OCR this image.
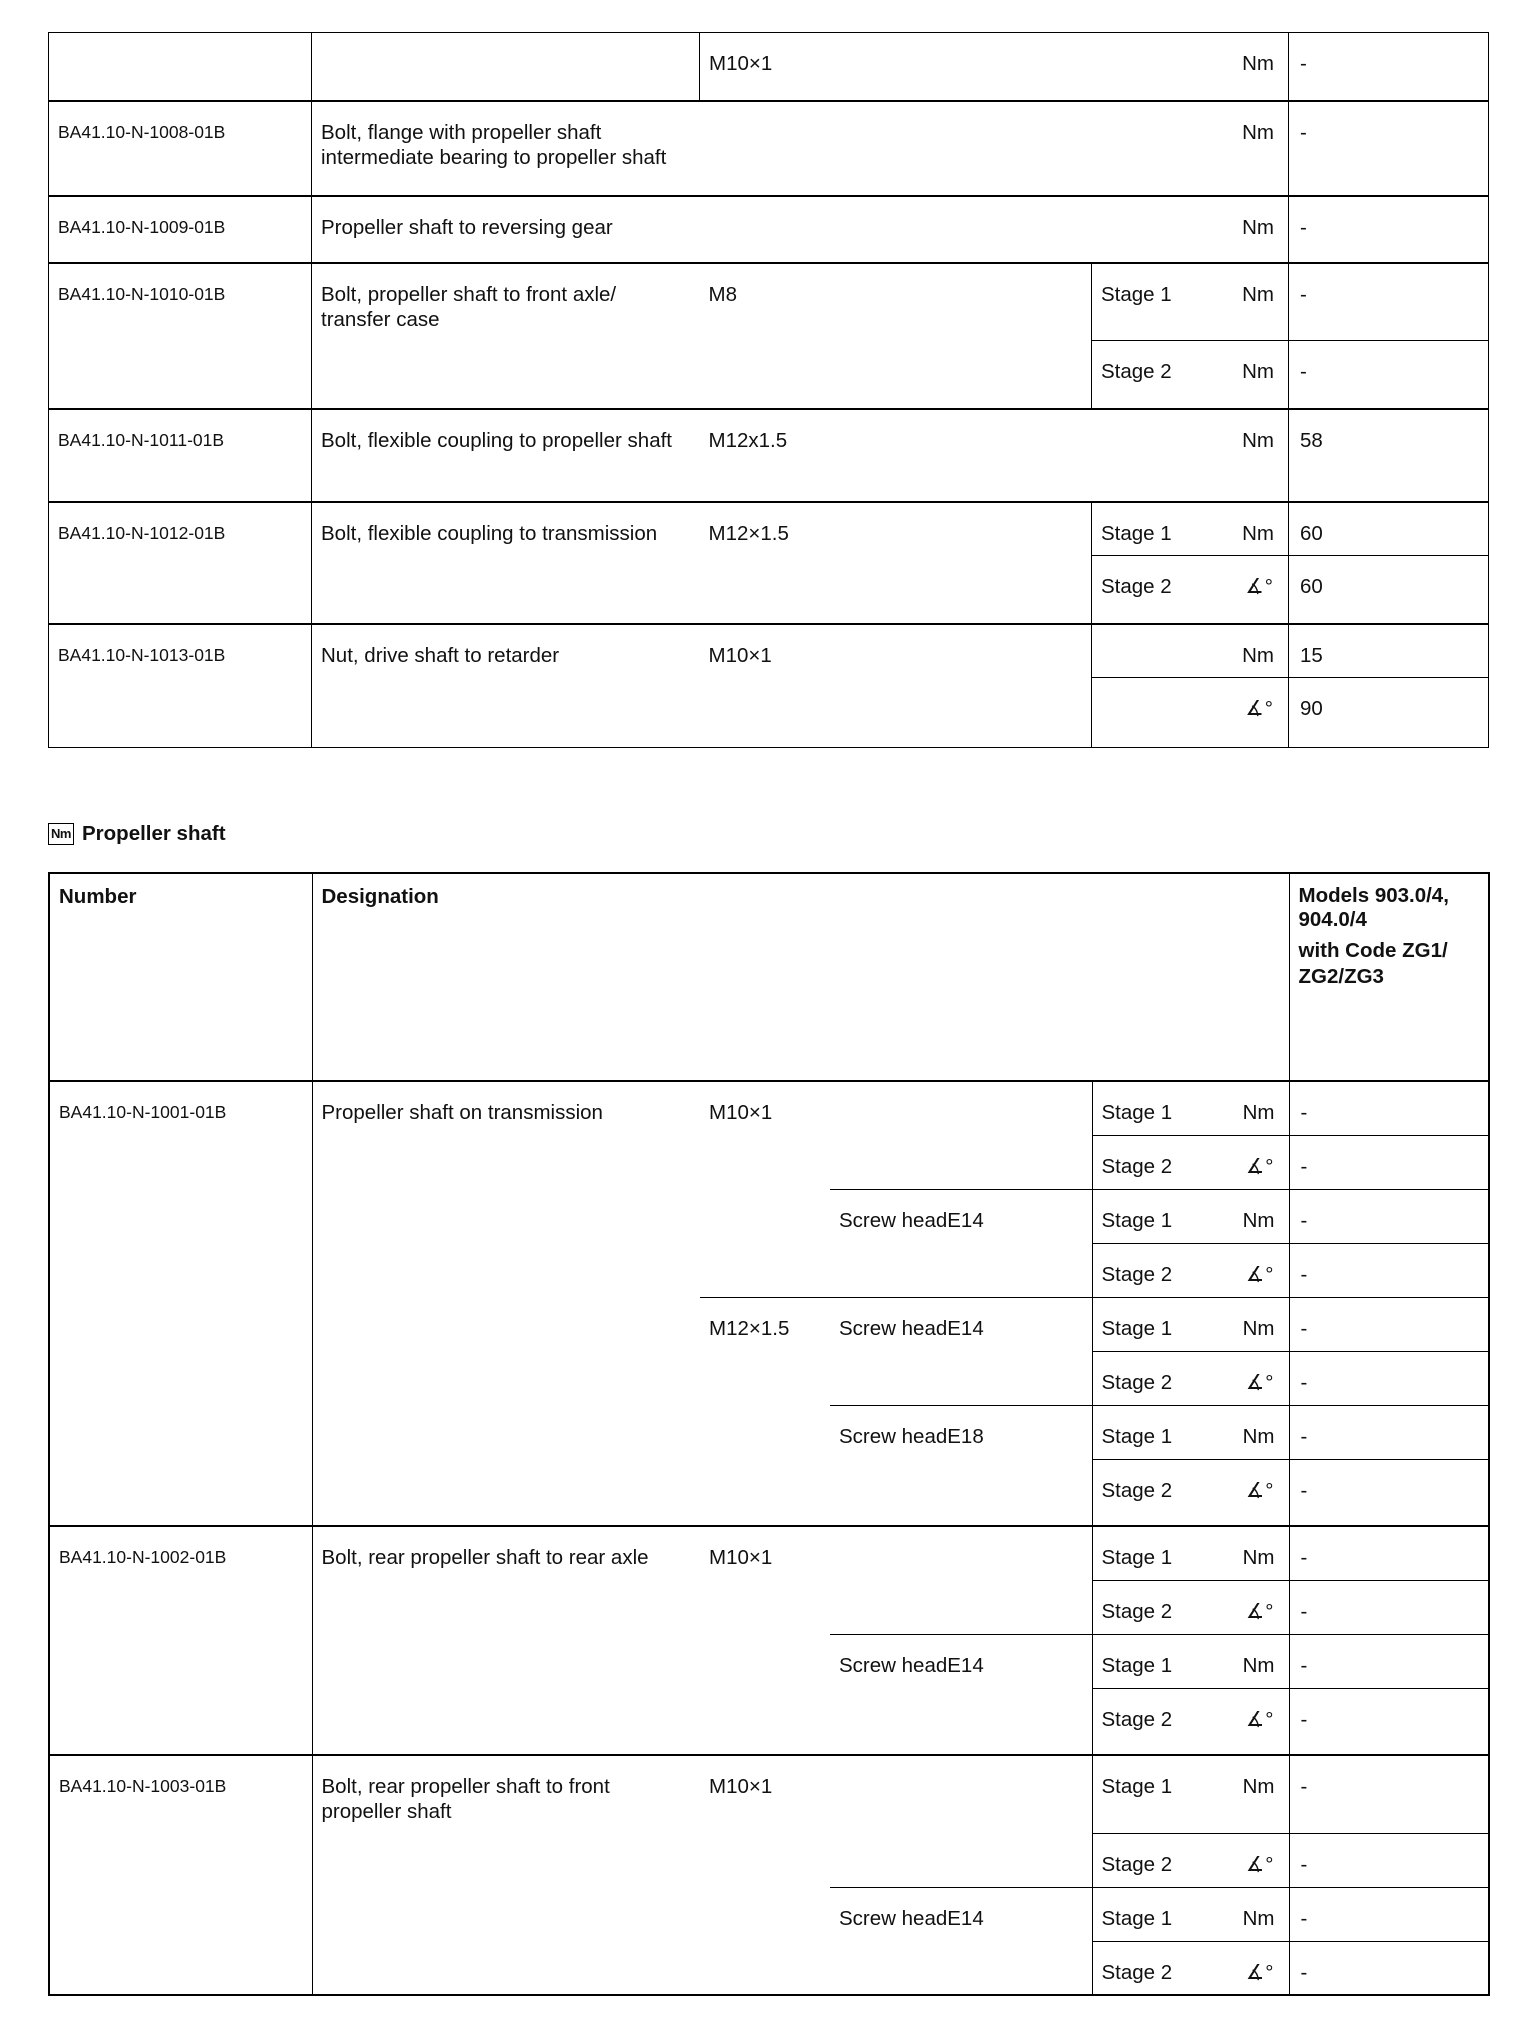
		M10×1			Nm	-
BA41.10-N-1008-01B	Bolt, flange with propeller shaft intermediate bearing to propeller shaft				Nm	-
BA41.10-N-1009-01B	Propeller shaft to reversing gear				Nm	-
BA41.10-N-1010-01B	Bolt, propeller shaft to front axle/ transfer case	M8		Stage 1	Nm	-
				Stage 2	Nm	-
BA41.10-N-1011-01B	Bolt, flexible coupling to propeller shaft	M12x1.5			Nm	58
BA41.10-N-1012-01B	Bolt, flexible coupling to transmission	M12×1.5		Stage 1	Nm	60
				Stage 2	∡°	60
BA41.10-N-1013-01B	Nut, drive shaft to retarder	M10×1			Nm	15
					∡°	90
Nm Propeller shaft
Number	Designation					Models 903.0/4, 904.0/4
with Code ZG1/ ZG2/ZG3

BA41.10-N-1001-01B	Propeller shaft on transmission	M10×1		Stage 1	Nm	-
				Stage 2	∡°	-
			Screw headE14	Stage 1	Nm	-
				Stage 2	∡°	-
		M12×1.5	Screw headE14	Stage 1	Nm	-
				Stage 2	∡°	-
			Screw headE18	Stage 1	Nm	-
				Stage 2	∡°	-
BA41.10-N-1002-01B	Bolt, rear propeller shaft to rear axle	M10×1		Stage 1	Nm	-
				Stage 2	∡°	-
			Screw headE14	Stage 1	Nm	-
				Stage 2	∡°	-
BA41.10-N-1003-01B	Bolt, rear propeller shaft to front propeller shaft	M10×1		Stage 1	Nm	-
				Stage 2	∡°	-
			Screw headE14	Stage 1	Nm	-
				Stage 2	∡°	-
